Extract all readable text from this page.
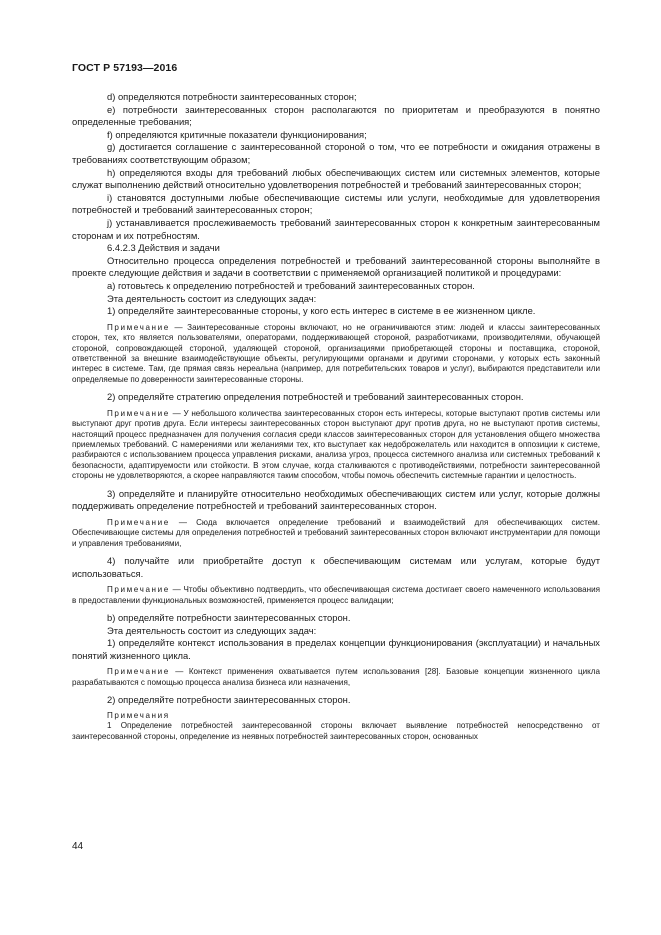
ГОСТ Р 57193—2016

d) определяются потребности заинтересованных сторон;

е) потребности заинтересованных сторон располагаются по приоритетам и преобразуются в понятно определенные требования;

f) определяются критичные показатели функционирования;

g) достигается соглашение с заинтересованной стороной о том, что ее потребности и ожидания отражены в требованиях соответствующим образом;

h) определяются входы для требований любых обеспечивающих систем или системных элементов, которые служат выполнению действий относительно удовлетворения потребностей и требований заинтересованных сторон;

i) становятся доступными любые обеспечивающие системы или услуги, необходимые для удовлетворения потребностей и требований заинтересованных сторон;

j) устанавливается прослеживаемость требований заинтересованных сторон к конкретным заинтересованным сторонам и их потребностям.

6.4.2.3 Действия и задачи

Относительно процесса определения потребностей и требований заинтересованной стороны выполняйте в проекте следующие действия и задачи в соответствии с применяемой организацией политикой и процедурами:

а) готовьтесь к определению потребностей и требований заинтересованных сторон.

Эта деятельность состоит из следующих задач:

1) определяйте заинтересованные стороны, у кого есть интерес в системе в ее жизненном цикле.

Примечание — Заинтересованные стороны включают, но не ограничиваются этим: людей и классы заинтересованных сторон, тех, кто является пользователями, операторами, поддерживающей стороной, разработчиками, производителями, обучающей стороной, сопровождающей стороной, удаляющей стороной, организациями приобретающей стороны и поставщика, стороной, ответственной за внешние взаимодействующие объекты, регулирующими органами и другими сторонами, у которых есть законный интерес в системе. Там, где прямая связь нереальна (например, для потребительских товаров и услуг), выбираются представители или определяемые по доверенности заинтересованные стороны.

2) определяйте стратегию определения потребностей и требований заинтересованных сторон.

Примечание — У небольшого количества заинтересованных сторон есть интересы, которые выступают против системы или выступают друг против друга. Если интересы заинтересованных сторон выступают друг против друга, но не выступают против системы, настоящий процесс предназначен для получения согласия среди классов заинтересованных сторон для установления общего множества приемлемых требований. С намерениями или желаниями тех, кто выступает как недоброжелатель или находится в оппозиции к системе, разбираются с использованием процесса управления рисками, анализа угроз, процесса системного анализа или системных требований к безопасности, адаптируемости или стойкости. В этом случае, когда сталкиваются с противодействиями, потребности заинтересованной стороны не удовлетворяются, а скорее направляются таким способом, чтобы помочь обеспечить системные гарантии и целостность.

3) определяйте и планируйте относительно необходимых обеспечивающих систем или услуг, которые должны поддерживать определение потребностей и требований заинтересованных сторон.

Примечание — Сюда включается определение требований и взаимодействий для обеспечивающих систем. Обеспечивающие системы для определения потребностей и требований заинтересованных сторон включают инструментарии для помощи и управления требованиями,

4) получайте или приобретайте доступ к обеспечивающим системам или услугам, которые будут использоваться.

Примечание — Чтобы объективно подтвердить, что обеспечивающая система достигает своего намеченного использования в предоставлении функциональных возможностей, применяется процесс валидации;

b) определяйте потребности заинтересованных сторон.

Эта деятельность состоит из следующих задач:

1) определяйте контекст использования в пределах концепции функционирования (эксплуатации) и начальных понятий жизненного цикла.

Примечание — Контекст применения охватывается путем использования [28]. Базовые концепции жизненного цикла разрабатываются с помощью процесса анализа бизнеса или назначения,

2) определяйте потребности заинтересованных сторон.

Примечания

1 Определение потребностей заинтересованной стороны включает выявление потребностей непосредственно от заинтересованной стороны, определение из неявных потребностей заинтересованных сторон, основанных

44
